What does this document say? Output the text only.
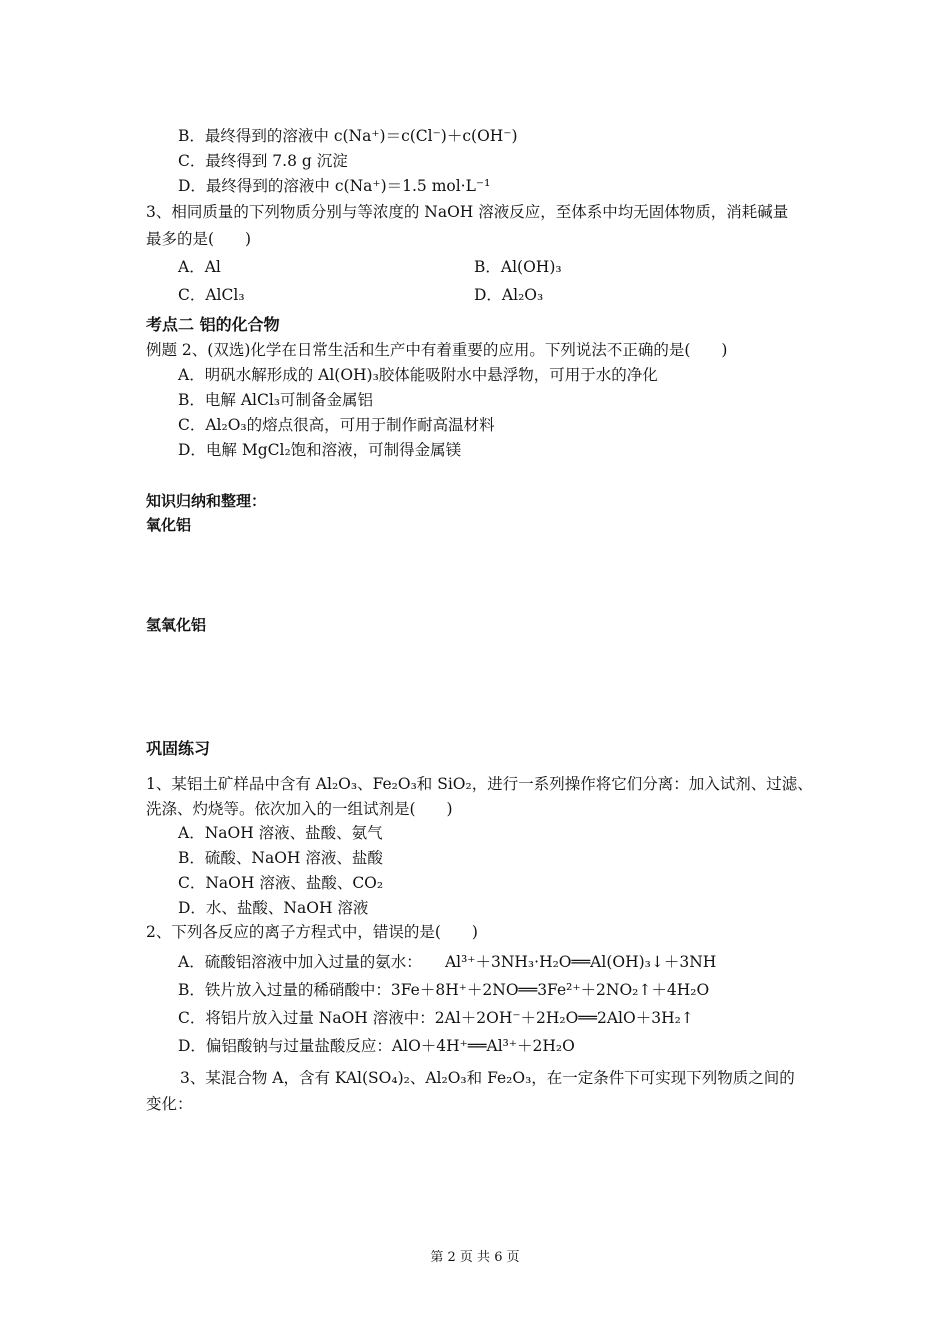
B．最终得到的溶液中 c(Na⁺)＝c(Cl⁻)＋c(OH⁻)
C．最终得到 7.8 g 沉淀
D．最终得到的溶液中 c(Na⁺)＝1.5 mol·L⁻¹
3、相同质量的下列物质分别与等浓度的 NaOH 溶液反应，至体系中均无固体物质，消耗碱量
最多的是(　　)
A．Al	B．Al(OH)₃
C．AlCl₃	D．Al₂O₃
考点二 铝的化合物
例题 2、(双选)化学在日常生活和生产中有着重要的应用。下列说法不正确的是(　　)
A．明矾水解形成的 Al(OH)₃胶体能吸附水中悬浮物，可用于水的净化
B．电解 AlCl₃可制备金属铝
C．Al₂O₃的熔点很高，可用于制作耐高温材料
D．电解 MgCl₂饱和溶液，可制得金属镁
知识归纳和整理：
氧化铝
氢氧化铝
巩固练习
1、某铝土矿样品中含有 Al₂O₃、Fe₂O₃和 SiO₂，进行一系列操作将它们分离：加入试剂、过滤、
洗涤、灼烧等。依次加入的一组试剂是(　　)
A．NaOH 溶液、盐酸、氨气
B．硫酸、NaOH 溶液、盐酸
C．NaOH 溶液、盐酸、CO₂
D．水、盐酸、NaOH 溶液
2、下列各反应的离子方程式中，错误的是(　　)
A．硫酸铝溶液中加入过量的氨水：　　Al³⁺＋3NH₃·H₂O══Al(OH)₃↓＋3NH
B．铁片放入过量的稀硝酸中：3Fe＋8H⁺＋2NO══3Fe²⁺＋2NO₂↑＋4H₂O
C．将铝片放入过量 NaOH 溶液中：2Al＋2OH⁻＋2H₂O══2AlO＋3H₂↑
D．偏铝酸钠与过量盐酸反应：AlO＋4H⁺══Al³⁺＋2H₂O
3、某混合物 A，含有 KAl(SO₄)₂、Al₂O₃和 Fe₂O₃，在一定条件下可实现下列物质之间的
变化：
第 2 页 共 6 页
